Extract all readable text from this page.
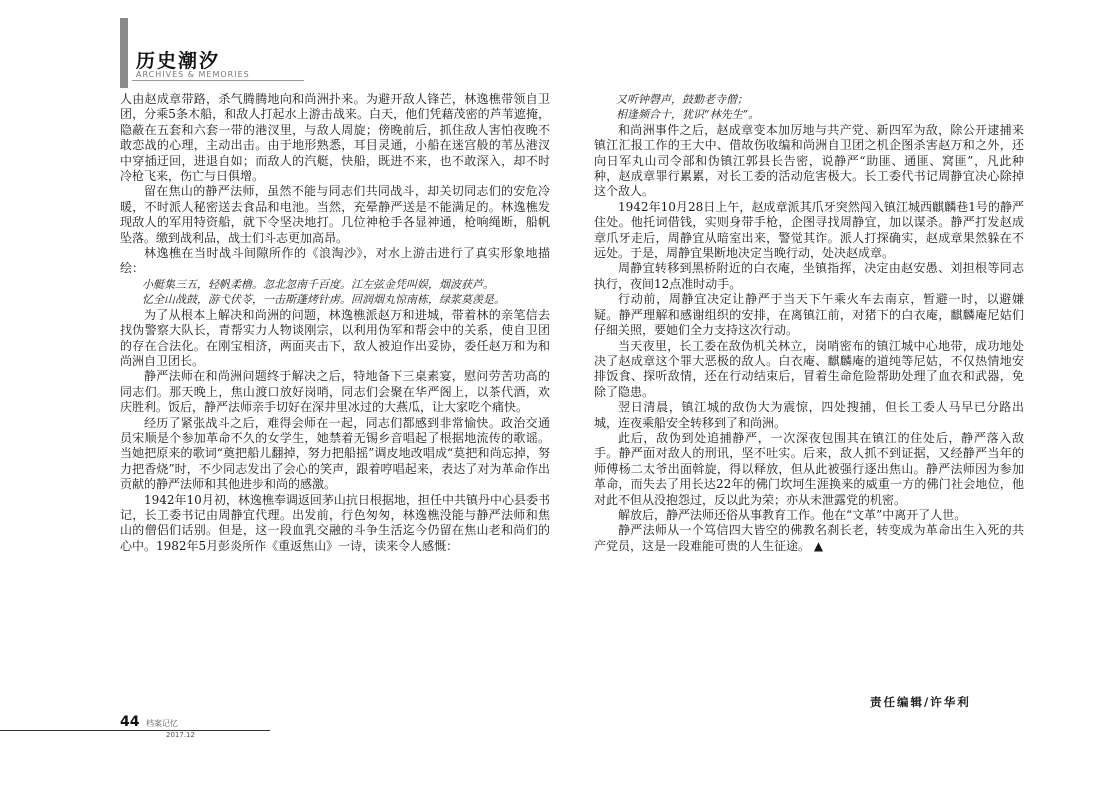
历史潮汐
ARCHIVES & MEMORIES

人由赵成章带路，杀气腾腾地向和尚洲扑来。为避开敌人锋芒，林逸樵带领自卫团，分乘5条木船，和敌人打起水上游击战来。白天，他们凭藉茂密的芦苇遮掩，隐蔽在五套和六套一带的港汊里，与敌人周旋；傍晚前后，抓住敌人害怕夜晚不敢恋战的心理，主动出击。由于地形熟悉，耳目灵通，小船在迷宫般的苇丛港汊中穿插迂回，进退自如；而敌人的汽艇，快船，既进不来，也不敢深入，却不时冷枪飞来，伤亡与日俱增。

留在焦山的静严法师，虽然不能与同志们共同战斗，却关切同志们的安危冷暖，不时派人秘密送去食品和电池。当然，充晕静严送是不能满足的。林逸樵发现敌人的军用特资船，就下令坚决地打。几位神枪手各显神通，枪响绳断，船帆坠落。缴到战利品，战士们斗志更加高昂。

林逸樵在当时战斗间隙所作的《浪淘沙》，对水上游击进行了真实形象地描绘：

小艇集三五，轻帆柔橹。忽北忽南千百度。江左弦金凭叫娱，烟波获芦。

忆全山战鼓，游弋伏苓，一击斯蓬烤针虏。回润烟丸惊南栋，绿浆莫羡是。

为了从根本上解决和尚洲的问题，林逸樵派赵万和进城，带着林的亲笔信去找伪警察大队长，青帮实力人物谈刚宗，以利用伪军和帮会中的关系，使自卫团的存在合法化。在刚宝相济，两面夹击下，敌人被迫作出妥协，委任赵万和为和尚洲自卫团长。

静严法师在和尚洲问题终于解决之后，特地备下三桌素宴，慰问劳苦功高的同志们。那天晚上，焦山渡口放好岗哨，同志们会聚在华严阁上，以茶代酒，欢庆胜利。饭后，静严法师亲手切好在深井里冰过的大燕瓜，让大家吃个痛快。

经历了紧张战斗之后，难得会师在一起，同志们都感到非常愉快。政治交通员宋顺是个参加革命不久的女学生，她禁着无锡乡音唱起了根据地流传的歌谣。当她把原来的歌词“奠把船儿翻掉，努力把船摇”调皮地改唱成“莫把和尚忘掉，努力把香烧”时，不少同志发出了会心的笑声，跟着哼唱起来，表达了对为革命作出贡献的静严法师和其他进步和尚的感激。

1942年10月初，林逸樵奉调返回茅山抗日根据地，担任中共镇丹中心县委书记，长工委书记由周静宜代理。出发前，行色匆匆，林逸樵没能与静严法师和焦山的僧侣们话别。但是，这一段血乳交融的斗争生活迄今仍留在焦山老和尚们的心中。1982年5月彭炎所作《重返焦山》一诗，读来令人感慨：

又听钟磬声，鼓勤老寺僧；

相逢频合十，犹识“林先生”。

和尚洲事件之后，赵成章变本加厉地与共产党、新四军为敌，除公开逮捕来镇江汇报工作的王大中、借故伤收编和尚洲自卫团之机企图杀害赵万和之外，还向日军丸山司令部和伪镇江郭县长告密，说静严“助匪、通匪、窝匪”，凡此种种，赵成章罪行累累，对长工委的活动危害极大。长工委代书记周静宜决心除掉这个敌人。

1942年10月28日上午，赵成章派其爪牙突然闯入镇江城西麒麟巷1号的静严住处。他托词借钱，实则身带手枪，企图寻找周静宜，加以谋杀。静严打发赵成章爪牙走后，周静宜从暗室出来，警觉其诈。派人打探确实，赵成章果然躲在不远处。于是，周静宜果断地决定当晚行动，处决赵成章。

周静宜转移到黑桥附近的白衣庵，坐镇指挥，决定由赵安愚、刘担根等同志执行，夜间12点准时动手。

行动前，周静宜决定让静严于当天下午乘火车去南京，暂避一时，以避嫌疑。静严理解和感谢组织的安排，在离镇江前，对猪下的白衣庵，麒麟庵尼姑们仔细关照，要她们全力支持这次行动。

当天夜里，长工委在敌伪机关林立，岗哨密布的镇江城中心地带，成功地处决了赵成章这个罪大恶极的敌人。白衣庵、麒麟庵的道纯等尼姑，不仅热情地安排饭食、探听敌情，还在行动结束后，冒着生命危险帮助处理了血衣和武器，免除了隐患。

翌日清晨，镇江城的敌伪大为震惊，四处搜捕，但长工委人马早已分路出城，连夜乘船安全转移到了和尚洲。

此后，敌伪到处追捕静严，一次深夜包围其在镇江的住处后，静严落入敌手。静严面对敌人的刑讯，坚不吐实。后来，敌人抓不到证据，又经静严当年的师傅杨二太爷出面斡旋，得以释放，但从此被强行逐出焦山。静严法师因为参加革命，而失去了用长达22年的佛门坎坷生涯换来的威重一方的佛门社会地位，他对此不但从没抱怨过，反以此为荣；亦从未泄露党的机密。

解放后，静严法师还俗从事教育工作。他在“文革”中离开了人世。

静严法师从一个笃信四大皆空的佛教名刹长老，转变成为革命出生入死的共产党员，这是一段难能可贵的人生征途。 ▲

责任编辑/许华利
44 档案记忆
2017.12
